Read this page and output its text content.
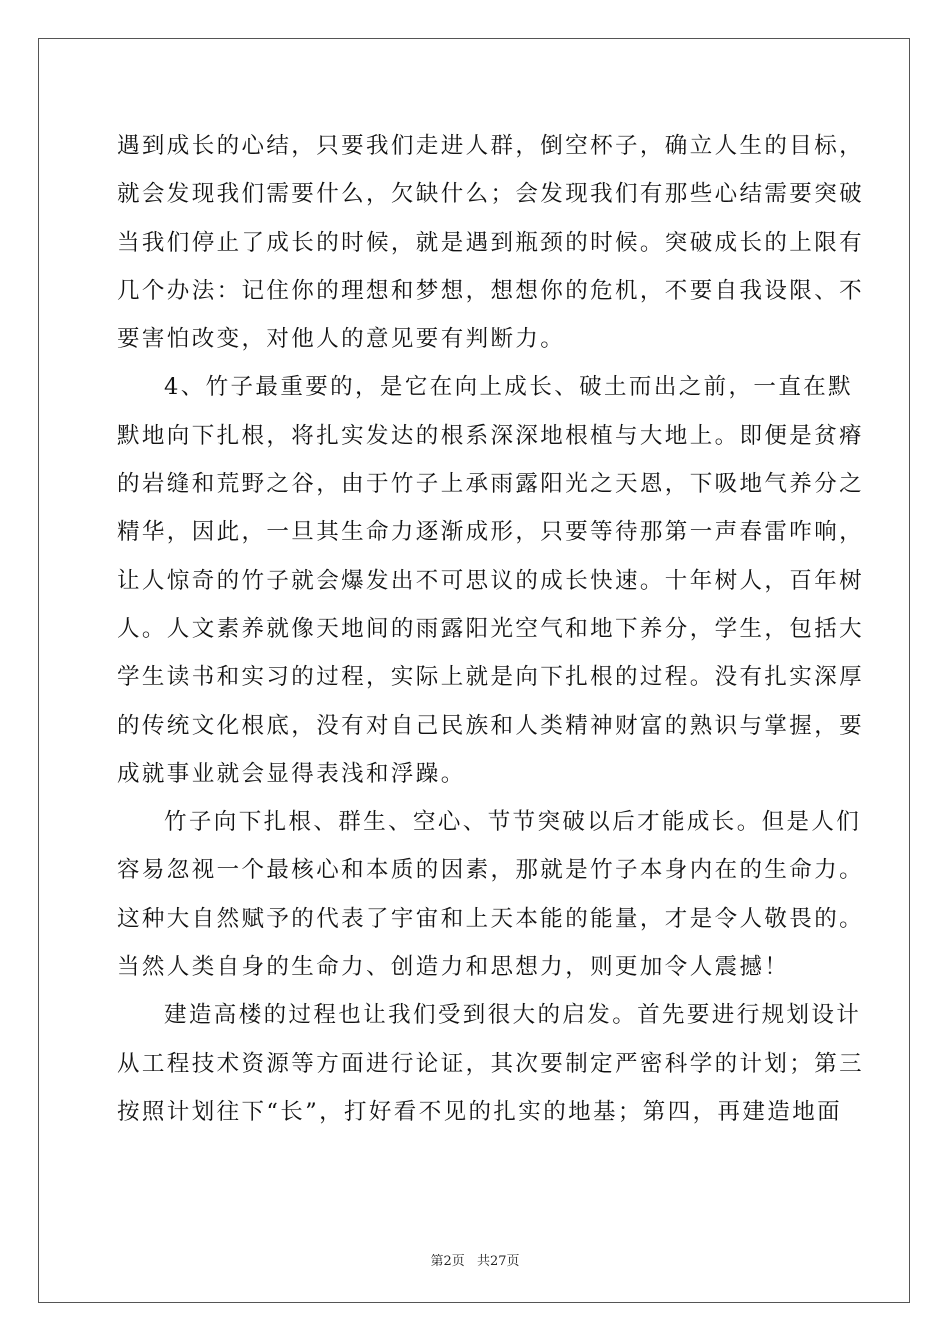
遇到成长的心结，只要我们走进人群，倒空杯子，确立人生的目标，
就会发现我们需要什么，欠缺什么；会发现我们有那些心结需要突破
当我们停止了成长的时候，就是遇到瓶颈的时候。突破成长的上限有
几个办法：记住你的理想和梦想，想想你的危机，不要自我设限、不
要害怕改变，对他人的意见要有判断力。
4、竹子最重要的，是它在向上成长、破土而出之前，一直在默
默地向下扎根，将扎实发达的根系深深地根植与大地上。即便是贫瘠
的岩缝和荒野之谷，由于竹子上承雨露阳光之天恩，下吸地气养分之
精华，因此，一旦其生命力逐渐成形，只要等待那第一声春雷咋响，
让人惊奇的竹子就会爆发出不可思议的成长快速。十年树人，百年树
人。人文素养就像天地间的雨露阳光空气和地下养分，学生，包括大
学生读书和实习的过程，实际上就是向下扎根的过程。没有扎实深厚
的传统文化根底，没有对自己民族和人类精神财富的熟识与掌握，要
成就事业就会显得表浅和浮躁。
竹子向下扎根、群生、空心、节节突破以后才能成长。但是人们
容易忽视一个最核心和本质的因素，那就是竹子本身内在的生命力。
这种大自然赋予的代表了宇宙和上天本能的能量，才是令人敬畏的。
当然人类自身的生命力、创造力和思想力，则更加令人震撼！
建造高楼的过程也让我们受到很大的启发。首先要进行规划设计
从工程技术资源等方面进行论证，其次要制定严密科学的计划；第三
按照计划往下“长”，打好看不见的扎实的地基；第四，再建造地面
第2页 共27页
